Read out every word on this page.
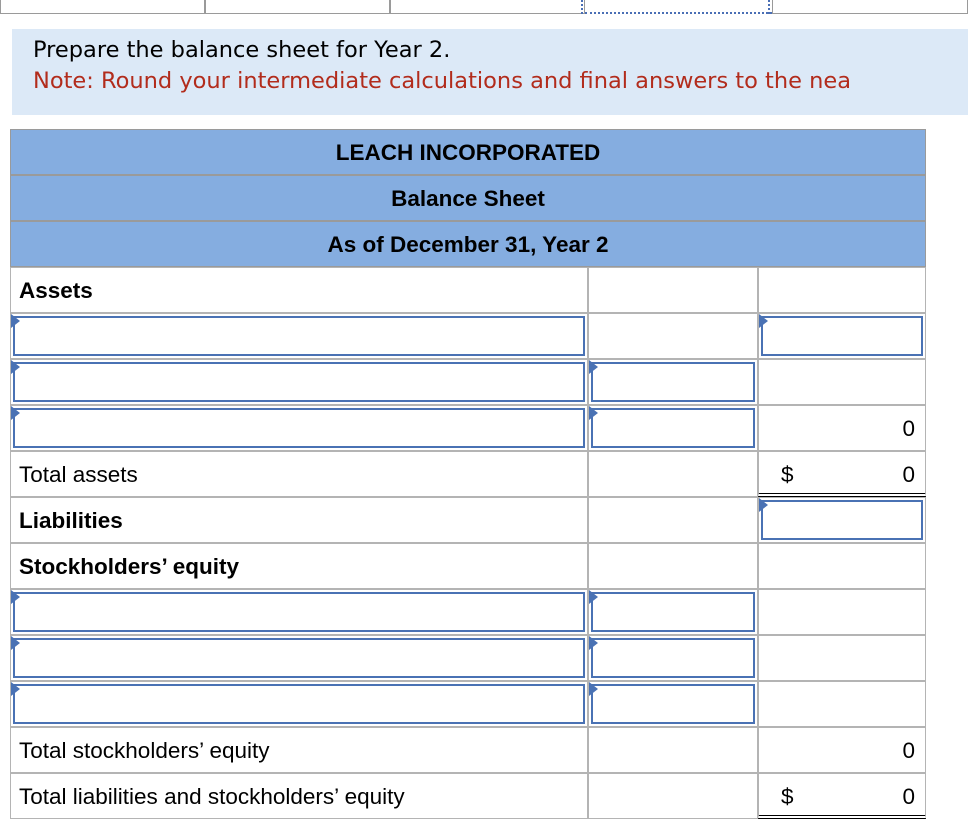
Prepare the balance sheet for Year 2.
Note: Round your intermediate calculations and final answers to the nea
LEACH INCORPORATED
Balance Sheet
As of December 31, Year 2
Assets
0
Total assets	$	0
Liabilities
Stockholders’ equity
Total stockholders’ equity	0
Total liabilities and stockholders’ equity	$	0
